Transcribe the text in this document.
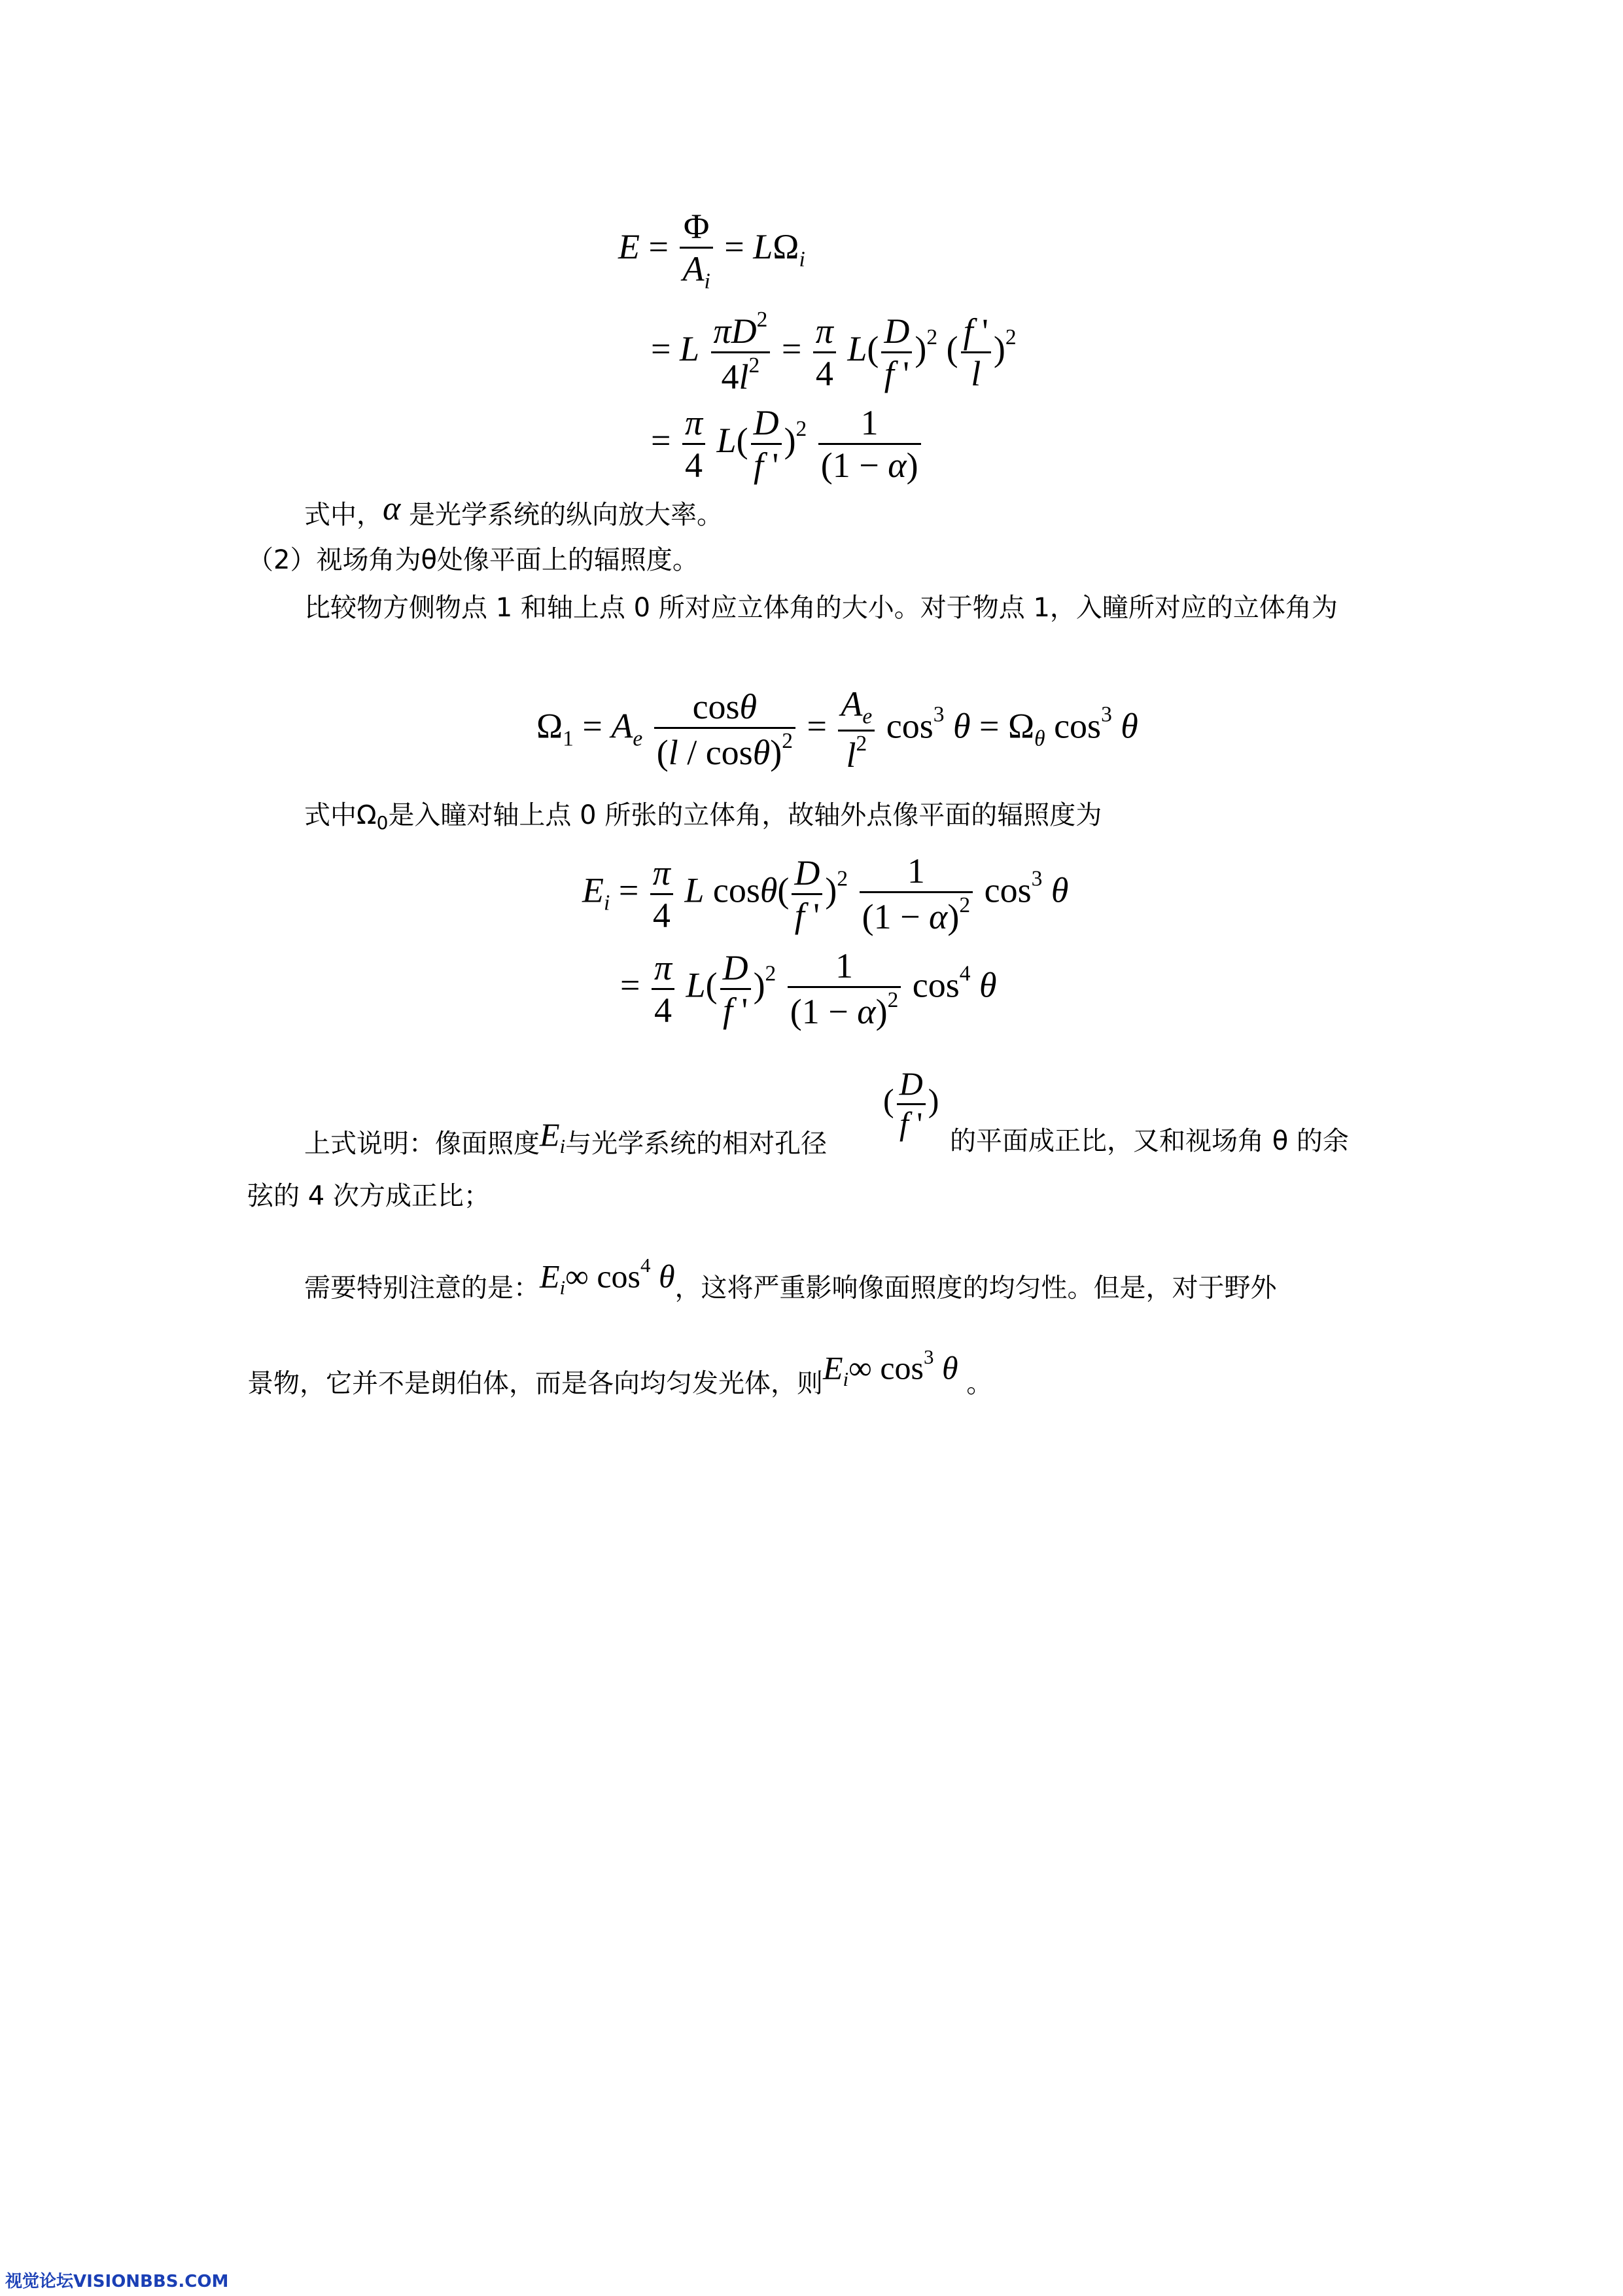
$E = \frac{\Phi}{A_i} = L\Omega_i$
= L $\frac{\pi D^2}{4l^2} = \frac{\pi}{4} L( \frac{D}{f '} )^2$ ( $\frac{f '}{l} )^2$
= $\frac{\pi}{4} L( \frac{D}{f '} )^2 \frac{1}{(1 - \alpha)}$
式中，α 是光学系统的纵向放大率。
（2）视场角为θ处像平面上的辐照度。
比较物方侧物点 1 和轴上点 0 所对应立体角的大小。对于物点 1，入瞳所对应的立体角为
$\Omega_1 = A_e \frac{\cos\theta}{(l / \cos\theta)^2} = \frac{A_e}{l^2} \cos^3 \theta = \Omega_\theta$ $\cos^3 \theta$
式中$\Omega_0$是入瞳对轴上点 0 所张的立体角，故轴外点像平面的辐照度为
$E_i = \frac{\pi}{4}$ L $\cos\theta( \frac{D}{f '} )^2 \frac{1}{(1 - \alpha)^2} \cos^3 \theta$
= $\frac{\pi}{4} L( \frac{D}{f '} )^2 \frac{1}{(1 - \alpha)^2} \cos^4 \theta$
上式说明：像面照度$E_i$与光学系统的相对孔径
( $\frac{D}{f '}$ )
的平面成正比，又和视场角 θ 的余
弦的 4 次方成正比；
需要特别注意的是：$E_i\infty$ $\cos^4 \theta$，这将严重影响像面照度的均匀性。但是，对于野外
景物，它并不是朗伯体，而是各向均匀发光体，则$E_i\infty$ $\cos^3 \theta$ 。
视觉论坛VISIONBBS.COM
